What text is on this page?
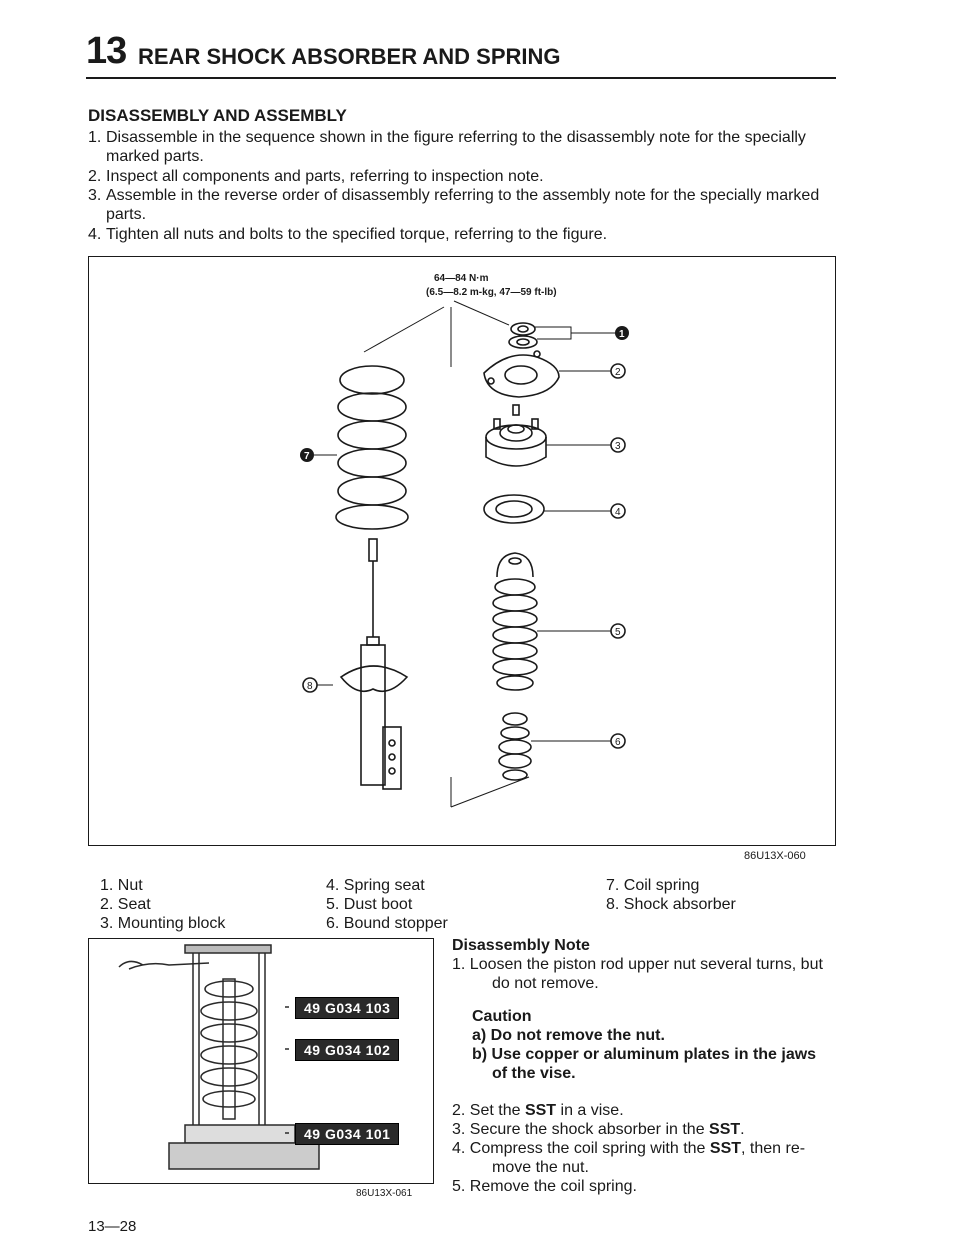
13 REAR SHOCK ABSORBER AND SPRING
DISASSEMBLY AND ASSEMBLY
1. Disassemble in the sequence shown in the figure referring to the disassembly note for the specially
marked parts.
2. Inspect all components and parts, referring to inspection note.
3. Assemble in the reverse order of disassembly referring to the assembly note for the specially marked
parts.
4. Tighten all nuts and bolts to the specified torque, referring to the figure.
64—84 N·m
(6.5—8.2 m-kg, 47—59 ft-lb)
1
2
3
4
7
5
6
8
86U13X-060
1. Nut
2. Seat
3. Mounting block
4. Spring seat
5. Dust boot
6. Bound stopper
7. Coil spring
8. Shock absorber
49 G034 103
49 G034 102
49 G034 101
86U13X-061
Disassembly Note
1. Loosen the piston rod upper nut several turns, but
do not remove.
Caution
a) Do not remove the nut.
b) Use copper or aluminum plates in the jaws
of the vise.
2. Set the SST in a vise.
3. Secure the shock absorber in the SST.
4. Compress the coil spring with the SST, then re-
move the nut.
5. Remove the coil spring.
13—28
